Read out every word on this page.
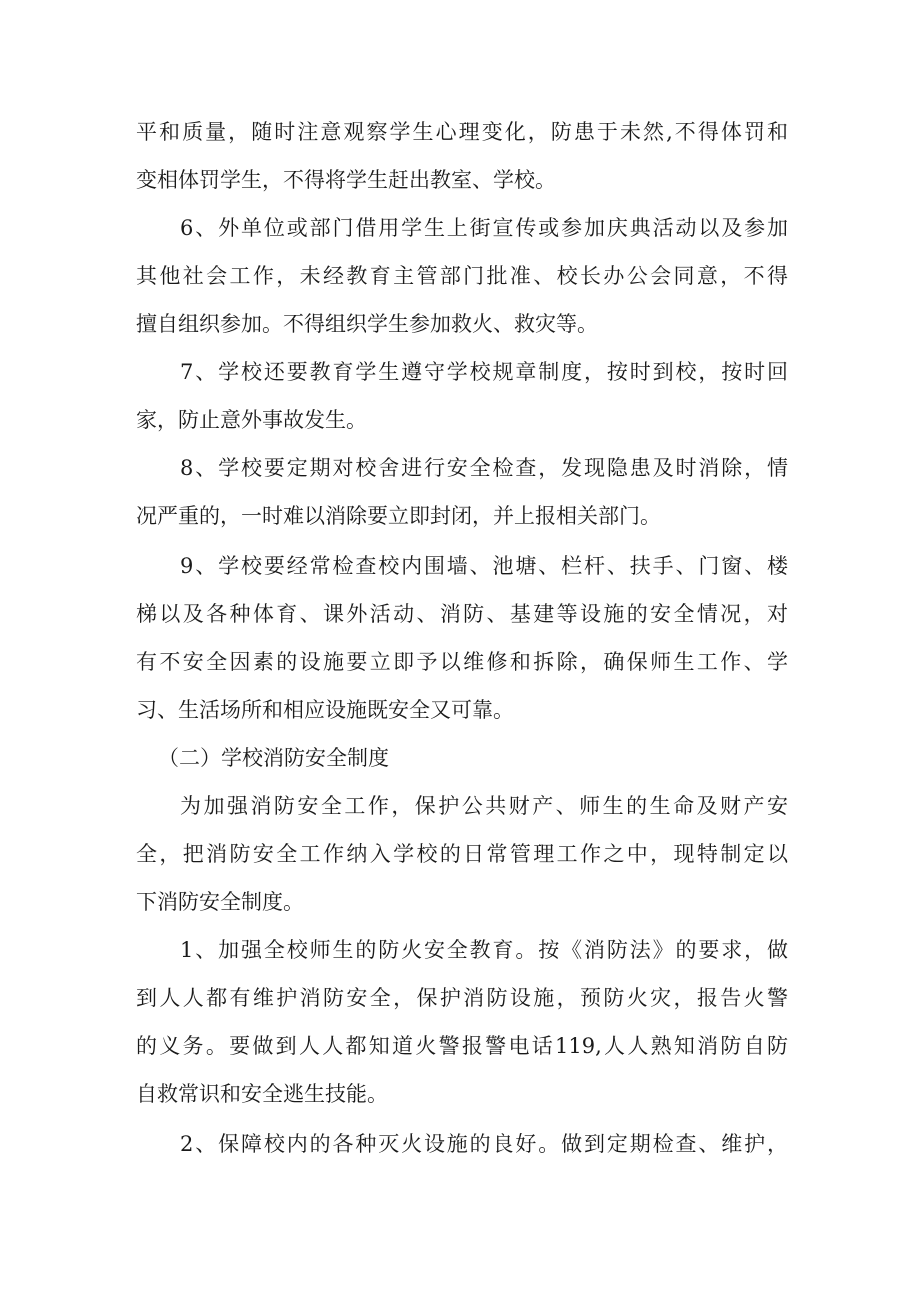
平和质量，随时注意观察学生心理变化，防患于未然,不得体罚和
变相体罚学生，不得将学生赶出教室、学校。
6、外单位或部门借用学生上街宣传或参加庆典活动以及参加
其他社会工作，未经教育主管部门批准、校长办公会同意，不得
擅自组织参加。不得组织学生参加救火、救灾等。
7、学校还要教育学生遵守学校规章制度，按时到校，按时回
家，防止意外事故发生。
8、学校要定期对校舍进行安全检查，发现隐患及时消除，情
况严重的，一时难以消除要立即封闭，并上报相关部门。
9、学校要经常检查校内围墙、池塘、栏杆、扶手、门窗、楼
梯以及各种体育、课外活动、消防、基建等设施的安全情况，对
有不安全因素的设施要立即予以维修和拆除，确保师生工作、学
习、生活场所和相应设施既安全又可靠。
（二）学校消防安全制度
为加强消防安全工作，保护公共财产、师生的生命及财产安
全，把消防安全工作纳入学校的日常管理工作之中，现特制定以
下消防安全制度。
1、加强全校师生的防火安全教育。按《消防法》的要求，做
到人人都有维护消防安全，保护消防设施，预防火灾，报告火警
的义务。要做到人人都知道火警报警电话119,人人熟知消防自防
自救常识和安全逃生技能。
2、保障校内的各种灭火设施的良好。做到定期检查、维护，
